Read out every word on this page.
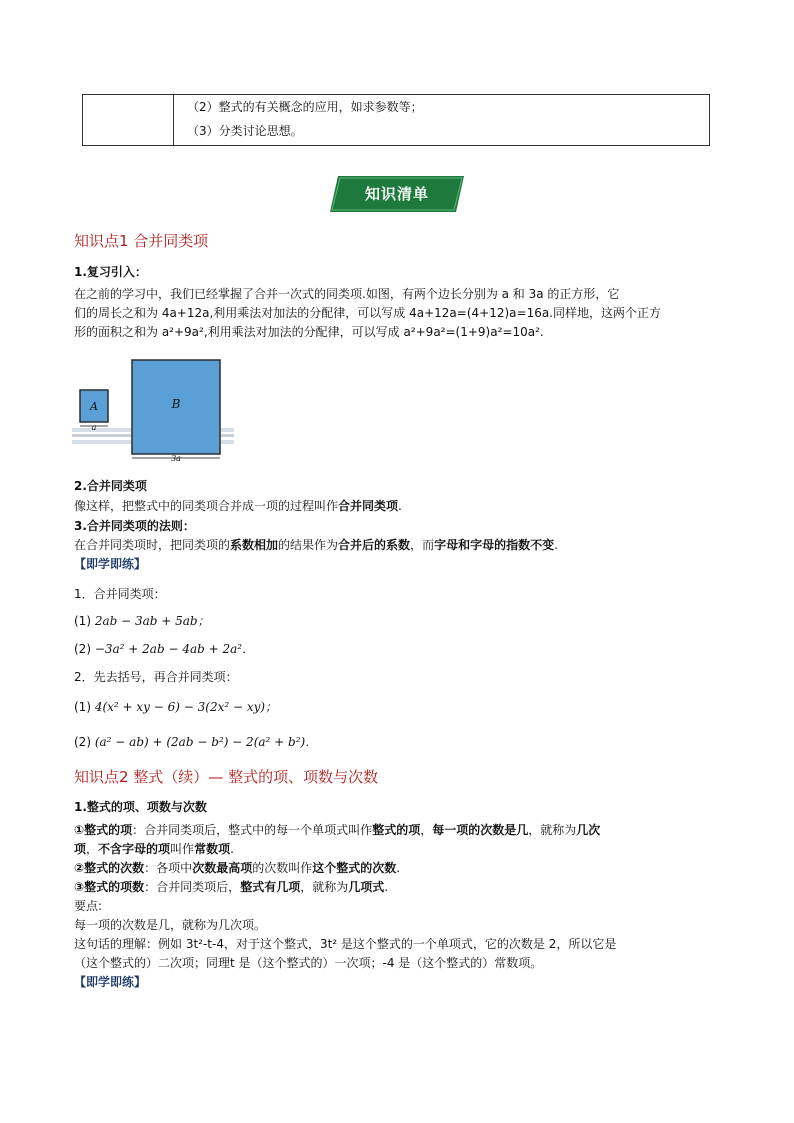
（2）整式的有关概念的应用，如求参数等；
（3）分类讨论思想。
知识清单
知识点1 合并同类项
1.复习引入：
在之前的学习中，我们已经掌握了合并一次式的同类项.如图，有两个边长分别为 a 和 3a 的正方形，它
们的周长之和为 4a+12a,利用乘法对加法的分配律，可以写成 4a+12a=(4+12)a=16a.同样地，这两个正方
形的面积之和为 a²+9a²,利用乘法对加法的分配律，可以写成 a²+9a²=(1+9)a²=10a².
A
a
B
3a
2.合并同类项
像这样，把整式中的同类项合并成一项的过程叫作合并同类项.
3.合并同类项的法则：
在合并同类项时，把同类项的系数相加的结果作为合并后的系数，而字母和字母的指数不变.
【即学即练】
1．合并同类项：
(1) 2ab − 3ab + 5ab；
(2) −3a² + 2ab − 4ab + 2a²．
2．先去括号，再合并同类项：
(1) 4(x² + xy − 6) − 3(2x² − xy)；
(2) (a² − ab) + (2ab − b²) − 2(a² + b²)．
知识点2 整式（续）— 整式的项、项数与次数
1.整式的项、项数与次数
①整式的项：合并同类项后，整式中的每一个单项式叫作整式的项，每一项的次数是几，就称为几次
项，不含字母的项叫作常数项.
②整式的次数：各项中次数最高项的次数叫作这个整式的次数.
③整式的项数：合并同类项后，整式有几项，就称为几项式.
要点:
每一项的次数是几，就称为几次项。
这句话的理解：例如 3t²-t-4，对于这个整式，3t² 是这个整式的一个单项式，它的次数是 2，所以它是
（这个整式的）二次项；同理t 是（这个整式的）一次项；-4 是（这个整式的）常数项。
【即学即练】
